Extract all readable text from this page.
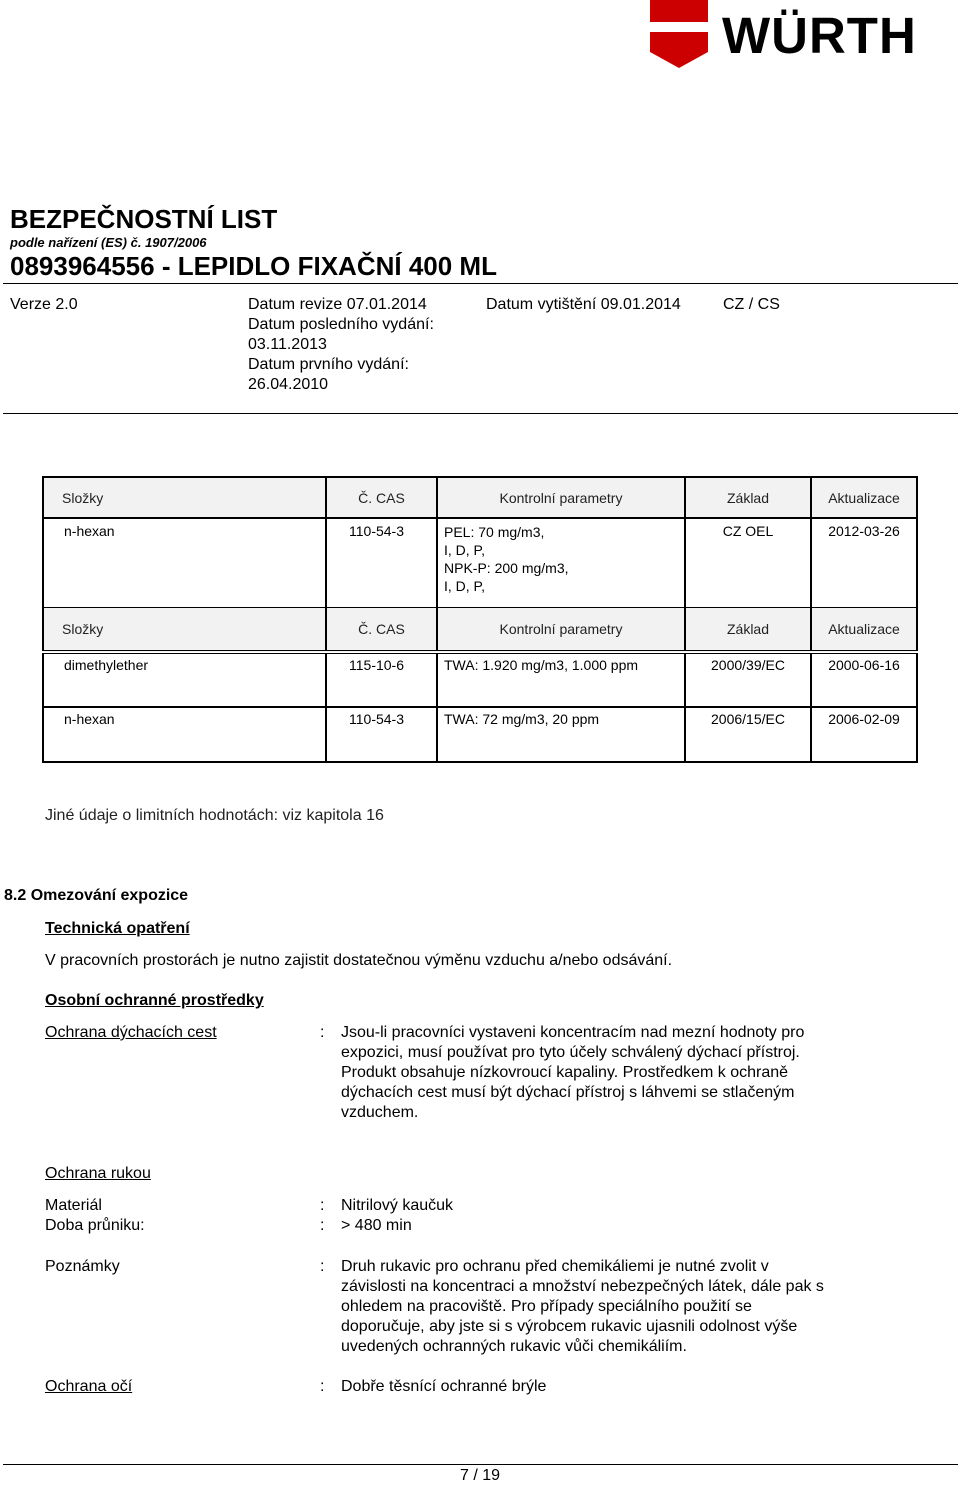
WÜRTH
BEZPEČNOSTNÍ LIST
podle nařízení (ES) č. 1907/2006
0893964556 - LEPIDLO FIXAČNÍ 400 ML
Verze 2.0	Datum revize 07.01.2014
Datum posledního vydání:
03.11.2013
Datum prvního vydání:
26.04.2010
Datum vytištění 09.01.2014	CZ / CS
Složky	Č. CAS	Kontrolní parametry	Základ	Aktualizace
n-hexan	110-54-3	PEL: 70 mg/m3,
I, D, P,
NPK-P: 200 mg/m3,
I, D, P,	CZ OEL	2012-03-26
Složky	Č. CAS	Kontrolní parametry	Základ	Aktualizace
dimethylether	115-10-6	TWA: 1.920 mg/m3, 1.000 ppm	2000/39/EC	2000-06-16
n-hexan	110-54-3	TWA: 72 mg/m3, 20 ppm	2006/15/EC	2006-02-09
Jiné údaje o limitních hodnotách: viz kapitola 16
8.2 Omezování expozice
Technická opatření
V pracovních prostorách je nutno zajistit dostatečnou výměnu vzduchu a/nebo odsávání.
Osobní ochranné prostředky
Ochrana dýchacích cest	: Jsou-li pracovníci vystaveni koncentracím nad mezní hodnoty pro
expozici, musí používat pro tyto účely schválený dýchací přístroj.
Produkt obsahuje nízkovroucí kapaliny. Prostředkem k ochraně
dýchacích cest musí být dýchací přístroj s láhvemi se stlačeným
vzduchem.
Ochrana rukou
Materiál	: Nitrilový kaučuk
Doba průniku:	: > 480 min
Poznámky	: Druh rukavic pro ochranu před chemikáliemi je nutné zvolit v
závislosti na koncentraci a množství nebezpečných látek, dále pak s
ohledem na pracoviště. Pro případy speciálního použití se
doporučuje, aby jste si s výrobcem rukavic ujasnili odolnost výše
uvedených ochranných rukavic vůči chemikáliím.
Ochrana očí	: Dobře těsnící ochranné brýle
7 / 19
